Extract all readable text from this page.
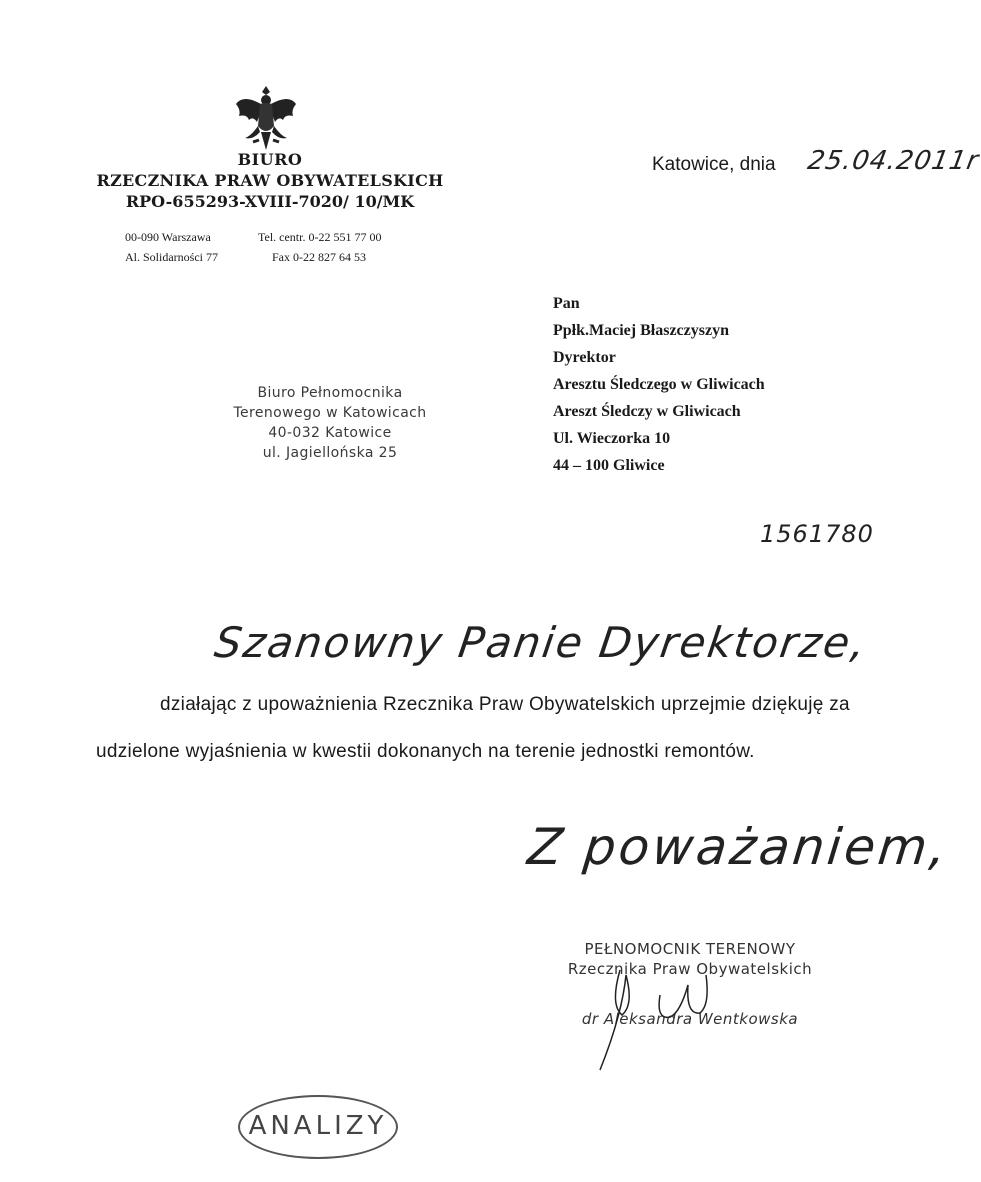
BIURO
RZECZNIKA PRAW OBYWATELSKICH
RPO-655293-XVIII-7020/ 10/MK
Katowice, dnia 25.04.2011r
00-090 Warszawa
Al. Solidarności 77
Tel. centr. 0-22 551 77 00
Fax 0-22 827 64 53
Biuro Pełnomocnika
Terenowego w Katowicach
40-032 Katowice
ul. Jagiellońska 25
Pan
Ppłk.Maciej Błaszczyszyn
Dyrektor
Aresztu Śledczego w Gliwicach
Areszt Śledczy w Gliwicach
Ul. Wieczorka 10
44 – 100 Gliwice
1561780
Szanowny Panie Dyrektorze,
działając z upoważnienia Rzecznika Praw Obywatelskich uprzejmie dziękuję za
udzielone wyjaśnienia w kwestii dokonanych na terenie jednostki remontów.
Z poważaniem,
PEŁNOMOCNIK TERENOWY
Rzecznika Praw Obywatelskich
dr Aleksandra Wentkowska
ANALIZY
